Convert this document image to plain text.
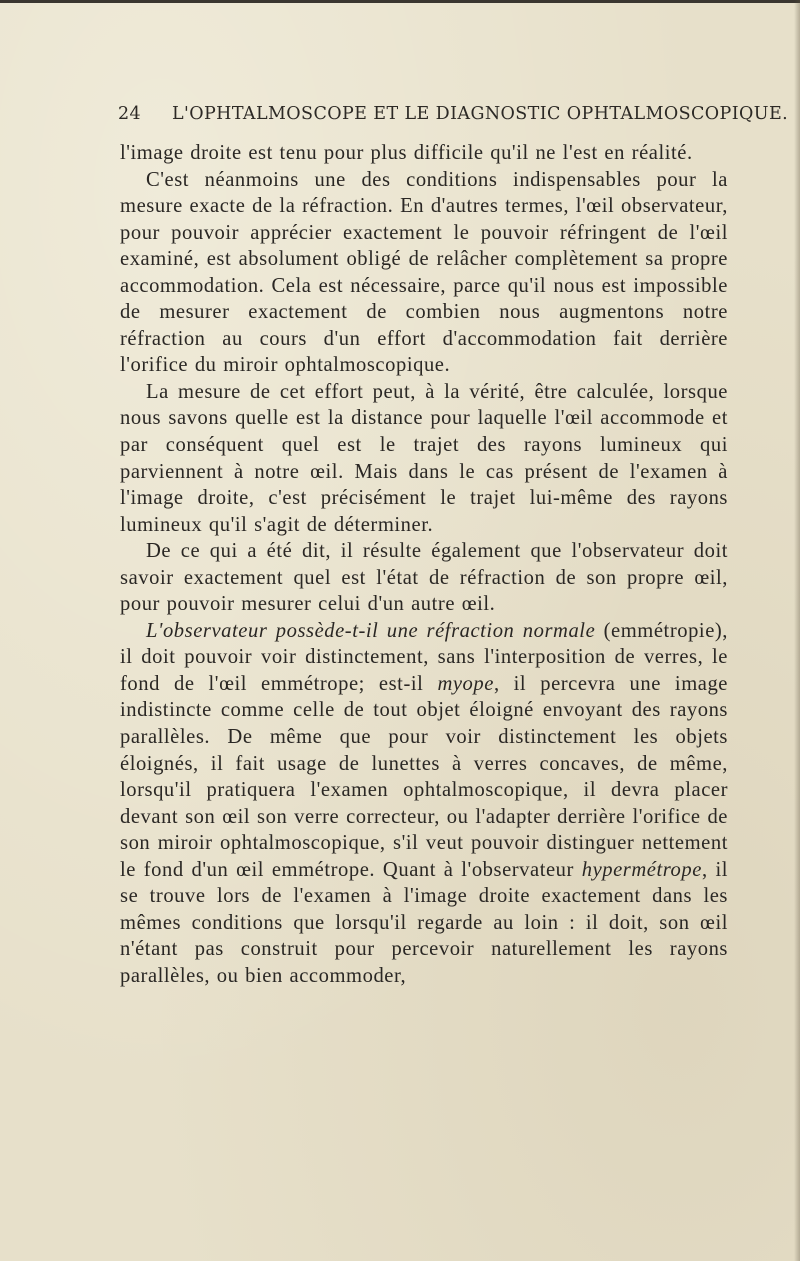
24 L'OPHTALMOSCOPE ET LE DIAGNOSTIC OPHTALMOSCOPIQUE.

l'image droite est tenu pour plus difficile qu'il ne l'est en réalité.

C'est néanmoins une des conditions indispensables pour la mesure exacte de la réfraction. En d'autres termes, l'œil observateur, pour pouvoir apprécier exactement le pouvoir réfringent de l'œil examiné, est absolument obligé de relâcher complètement sa propre accommodation. Cela est nécessaire, parce qu'il nous est impossible de mesurer exactement de combien nous augmentons notre réfraction au cours d'un effort d'accommodation fait derrière l'orifice du miroir ophtalmoscopique.

La mesure de cet effort peut, à la vérité, être calculée, lorsque nous savons quelle est la distance pour laquelle l'œil accommode et par conséquent quel est le trajet des rayons lumineux qui parviennent à notre œil. Mais dans le cas présent de l'examen à l'image droite, c'est précisément le trajet lui-même des rayons lumineux qu'il s'agit de déterminer.

De ce qui a été dit, il résulte également que l'observateur doit savoir exactement quel est l'état de réfraction de son propre œil, pour pouvoir mesurer celui d'un autre œil.

L'observateur possède-t-il une réfraction normale (emmétropie), il doit pouvoir voir distinctement, sans l'interposition de verres, le fond de l'œil emmétrope; est-il myope, il percevra une image indistincte comme celle de tout objet éloigné envoyant des rayons parallèles. De même que pour voir distinctement les objets éloignés, il fait usage de lunettes à verres concaves, de même, lorsqu'il pratiquera l'examen ophtalmoscopique, il devra placer devant son œil son verre correcteur, ou l'adapter derrière l'orifice de son miroir ophtalmoscopique, s'il veut pouvoir distinguer nettement le fond d'un œil emmétrope. Quant à l'observateur hypermétrope, il se trouve lors de l'examen à l'image droite exactement dans les mêmes conditions que lorsqu'il regarde au loin : il doit, son œil n'étant pas construit pour percevoir naturellement les rayons parallèles, ou bien accommoder,
